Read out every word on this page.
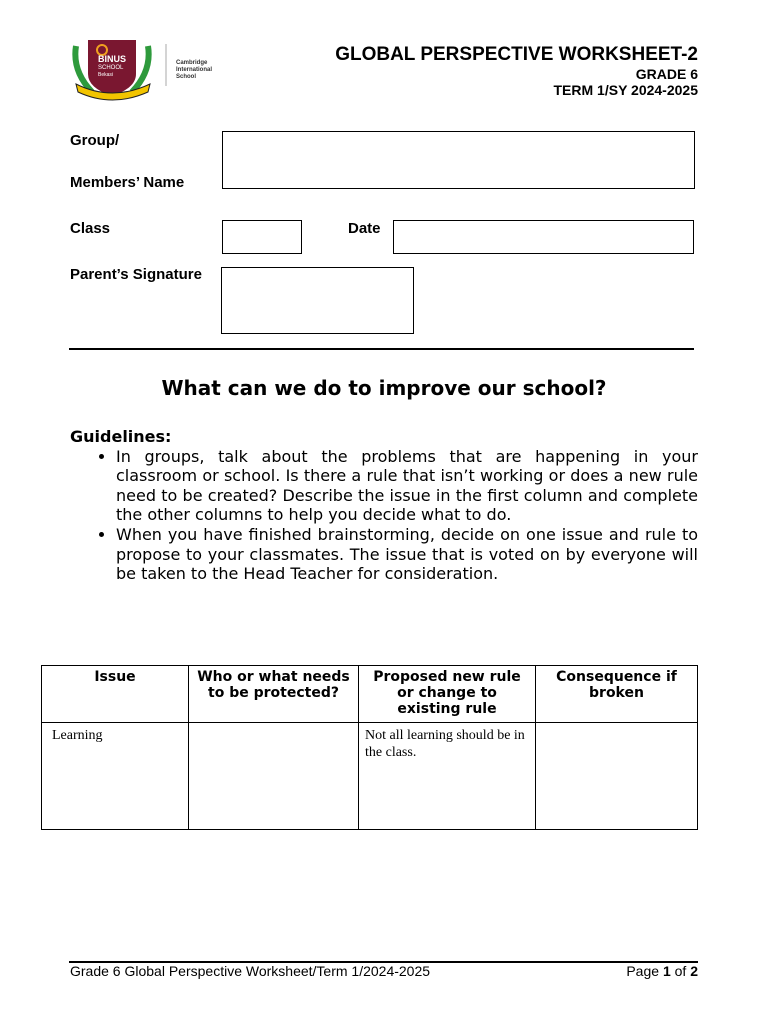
BINUS
SCHOOL
Bekasi
Cambridge
International
School
GLOBAL PERSPECTIVE WORKSHEET-2
GRADE 6
TERM 1/SY 2024-2025
Group/
Members’ Name
Class	Date
Parent’s Signature
What can we do to improve our school?
Guidelines:
• In groups, talk about the problems that are happening in your classroom or school. Is there a rule that isn’t working or does a new rule need to be created? Describe the issue in the first column and complete the other columns to help you decide what to do.
• When you have finished brainstorming, decide on one issue and rule to propose to your classmates. The issue that is voted on by everyone will be taken to the Head Teacher for consideration.
Issue	Who or what needs to be protected?	Proposed new rule or change to existing rule	Consequence if broken
Learning		Not all learning should be in the class.	
Grade 6 Global Perspective Worksheet/Term 1/2024-2025	Page 1 of 2
